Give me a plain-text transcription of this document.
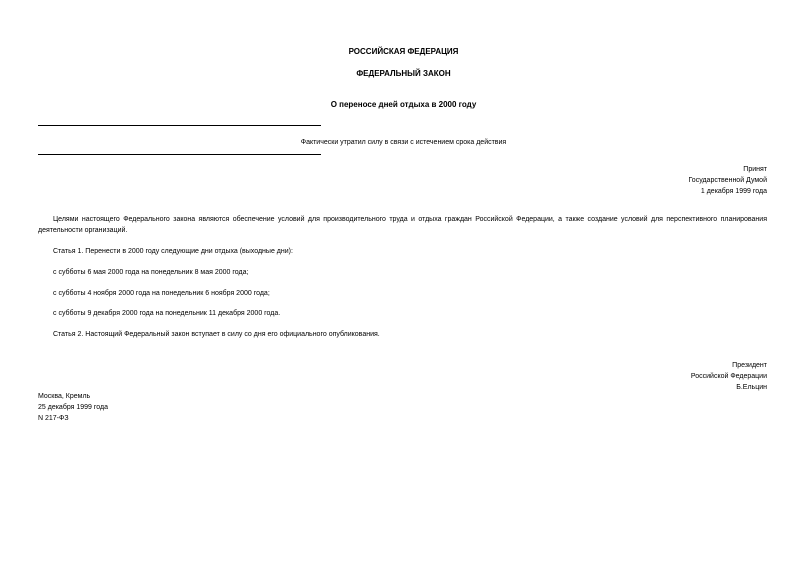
РОССИЙСКАЯ ФЕДЕРАЦИЯ
ФЕДЕРАЛЬНЫЙ ЗАКОН
О переносе дней отдыха в 2000 году
Фактически утратил силу в связи с истечением срока действия
Принят
Государственной Думой
1 декабря 1999 года
Целями настоящего Федерального закона являются обеспечение условий для производительного труда и отдыха граждан Российской Федерации, а также создание условий для перспективного планирования деятельности организаций.
Статья 1. Перенести в 2000 году следующие дни отдыха (выходные дни):
с субботы 6 мая 2000 года на понедельник 8 мая 2000 года;
с субботы 4 ноября 2000 года на понедельник 6 ноября 2000 года;
с субботы 9 декабря 2000 года на понедельник 11 декабря 2000 года.
Статья 2. Настоящий Федеральный закон вступает в силу со дня его официального опубликования.
Президент
Российской Федерации
Б.Ельцин
Москва, Кремль
25 декабря 1999 года
N 217-ФЗ
